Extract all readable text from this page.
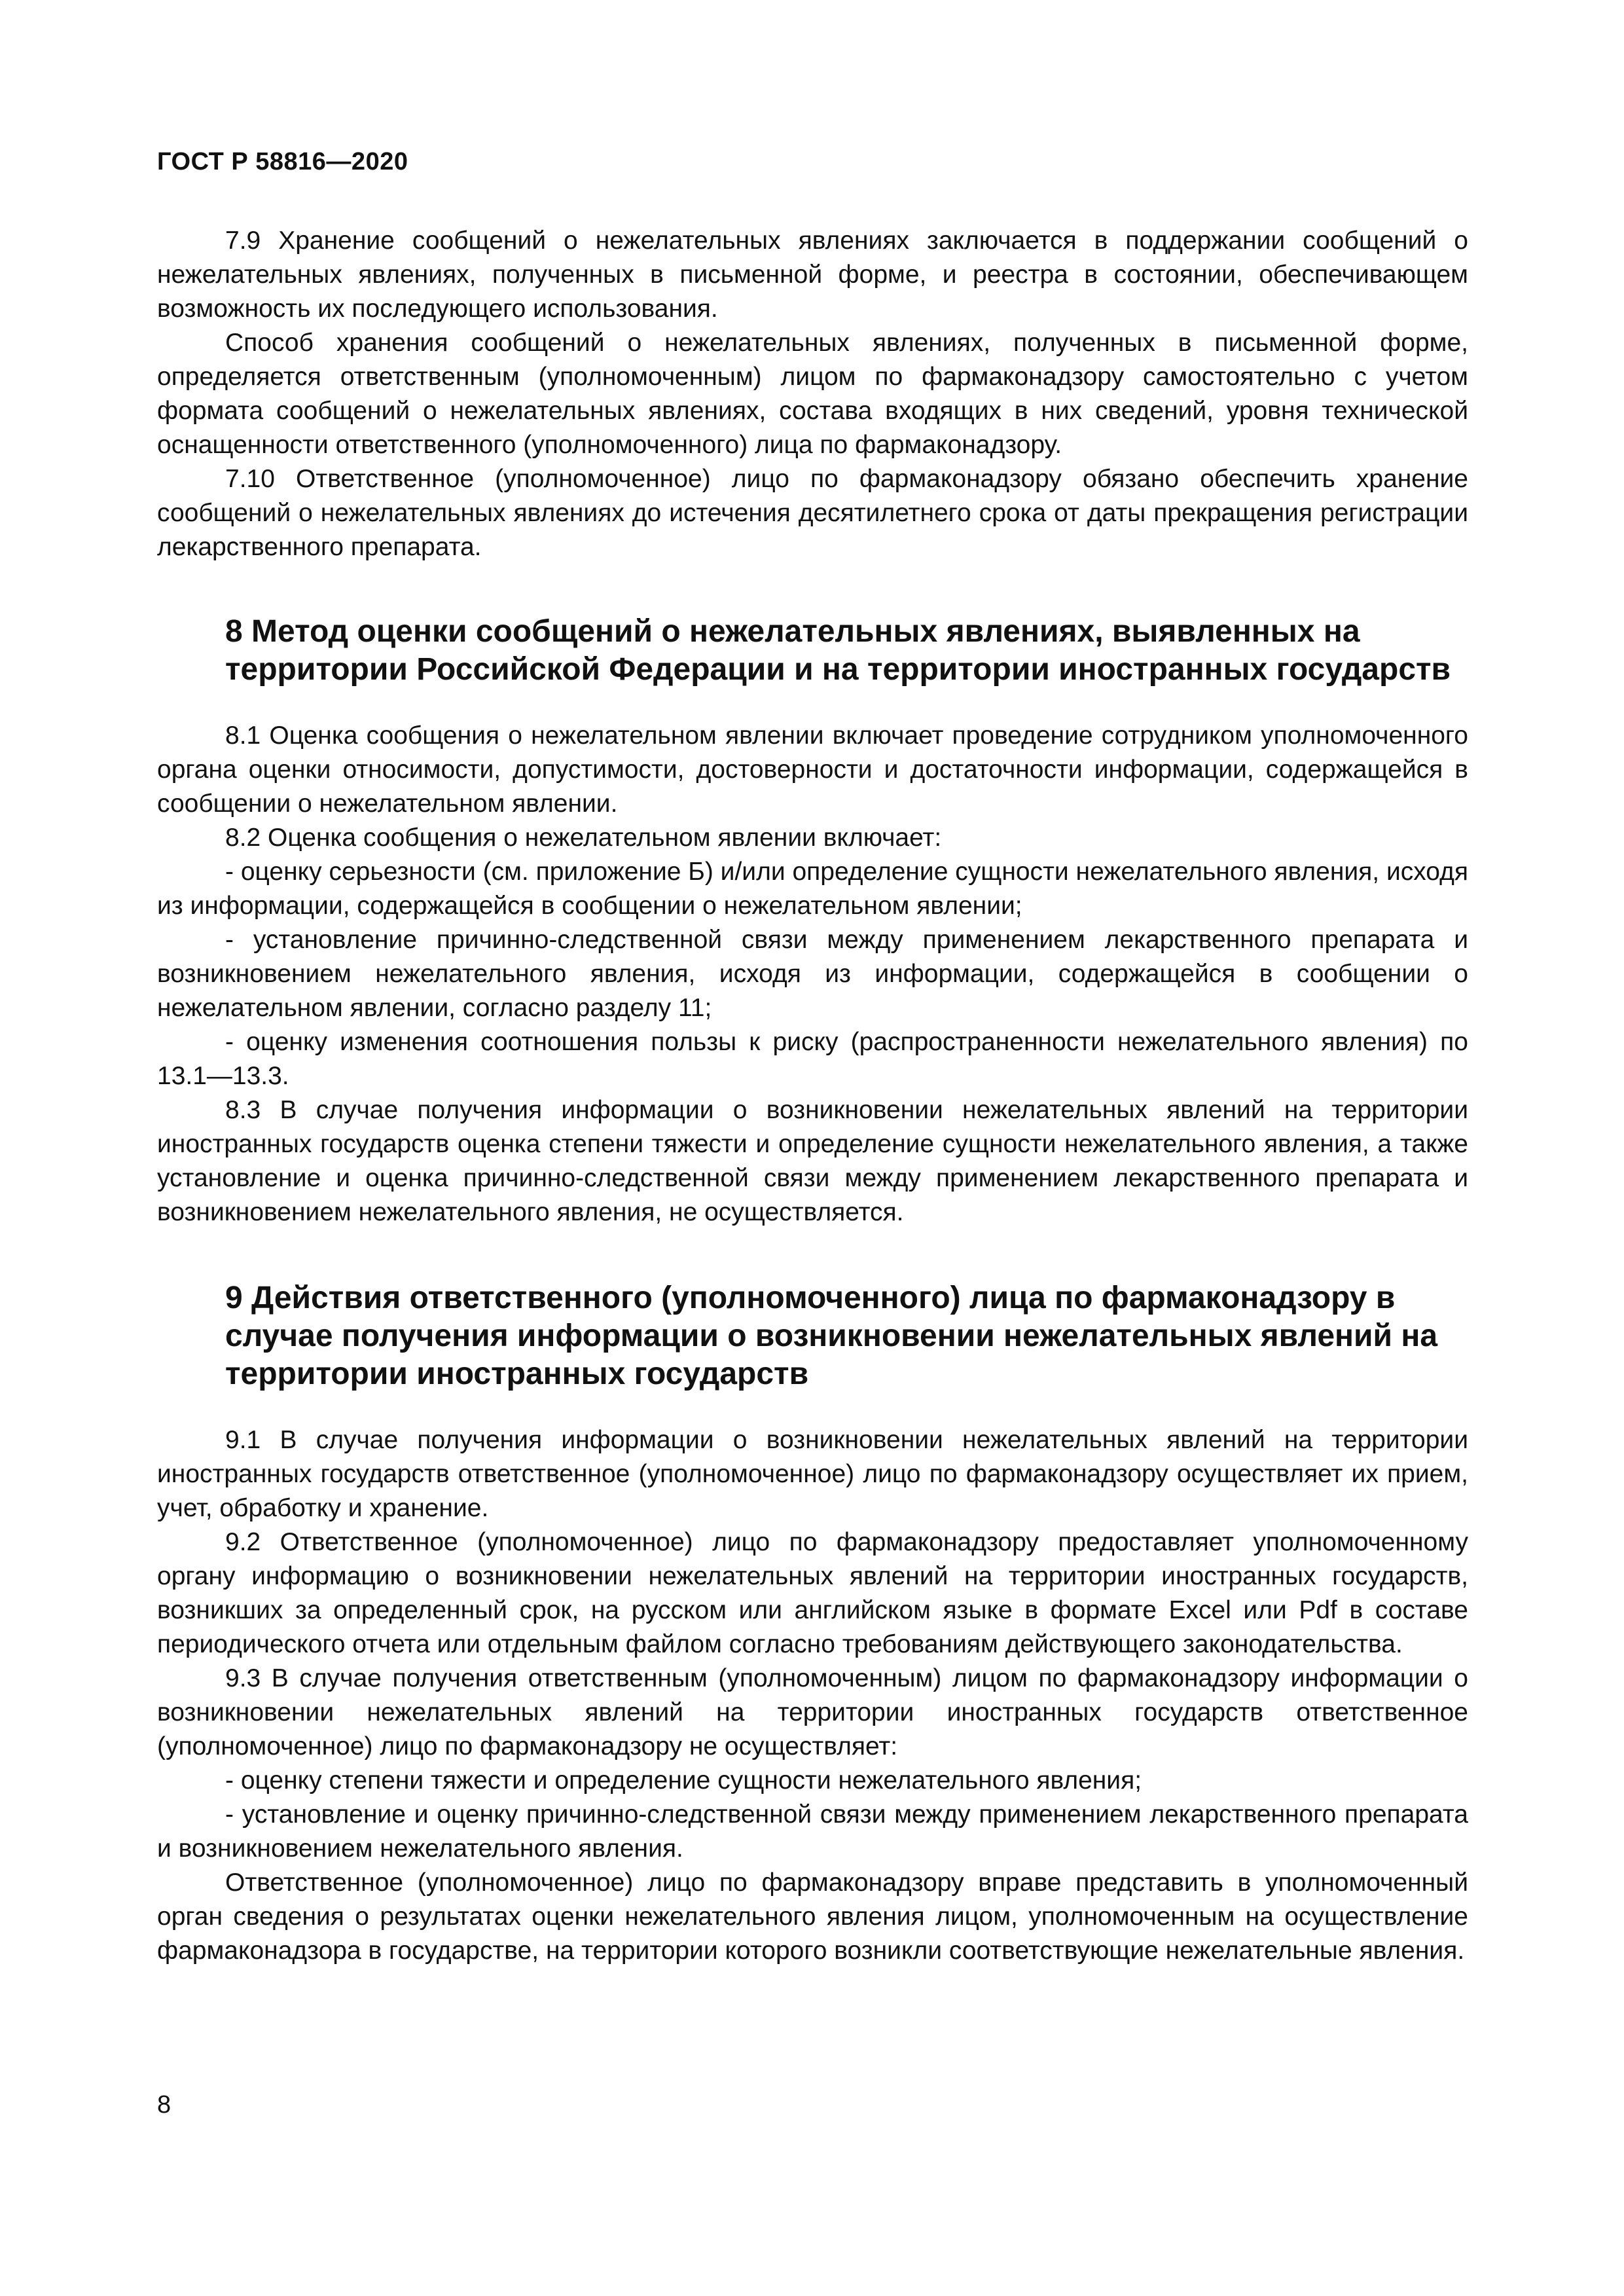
ГОСТ Р 58816—2020

7.9 Хранение сообщений о нежелательных явлениях заключается в поддержании сообщений о нежелательных явлениях, полученных в письменной форме, и реестра в состоянии, обеспечивающем возможность их последующего использования.

Способ хранения сообщений о нежелательных явлениях, полученных в письменной форме, определяется ответственным (уполномоченным) лицом по фармаконадзору самостоятельно с учетом формата сообщений о нежелательных явлениях, состава входящих в них сведений, уровня технической оснащенности ответственного (уполномоченного) лица по фармаконадзору.

7.10 Ответственное (уполномоченное) лицо по фармаконадзору обязано обеспечить хранение сообщений о нежелательных явлениях до истечения десятилетнего срока от даты прекращения регистрации лекарственного препарата.

8 Метод оценки сообщений о нежелательных явлениях, выявленных на территории Российской Федерации и на территории иностранных государств

8.1 Оценка сообщения о нежелательном явлении включает проведение сотрудником уполномоченного органа оценки относимости, допустимости, достоверности и достаточности информации, содержащейся в сообщении о нежелательном явлении.

8.2 Оценка сообщения о нежелательном явлении включает:

- оценку серьезности (см. приложение Б) и/или определение сущности нежелательного явления, исходя из информации, содержащейся в сообщении о нежелательном явлении;

- установление причинно-следственной связи между применением лекарственного препарата и возникновением нежелательного явления, исходя из информации, содержащейся в сообщении о нежелательном явлении, согласно разделу 11;

- оценку изменения соотношения пользы к риску (распространенности нежелательного явления) по 13.1—13.3.

8.3 В случае получения информации о возникновении нежелательных явлений на территории иностранных государств оценка степени тяжести и определение сущности нежелательного явления, а также установление и оценка причинно-следственной связи между применением лекарственного препарата и возникновением нежелательного явления, не осуществляется.

9 Действия ответственного (уполномоченного) лица по фармаконадзору в случае получения информации о возникновении нежелательных явлений на территории иностранных государств

9.1 В случае получения информации о возникновении нежелательных явлений на территории иностранных государств ответственное (уполномоченное) лицо по фармаконадзору осуществляет их прием, учет, обработку и хранение.

9.2 Ответственное (уполномоченное) лицо по фармаконадзору предоставляет уполномоченному органу информацию о возникновении нежелательных явлений на территории иностранных государств, возникших за определенный срок, на русском или английском языке в формате Excel или Pdf в составе периодического отчета или отдельным файлом согласно требованиям действующего законодательства.

9.3 В случае получения ответственным (уполномоченным) лицом по фармаконадзору информации о возникновении нежелательных явлений на территории иностранных государств ответственное (уполномоченное) лицо по фармаконадзору не осуществляет:

- оценку степени тяжести и определение сущности нежелательного явления;

- установление и оценку причинно-следственной связи между применением лекарственного препарата и возникновением нежелательного явления.

Ответственное (уполномоченное) лицо по фармаконадзору вправе представить в уполномоченный орган сведения о результатах оценки нежелательного явления лицом, уполномоченным на осуществление фармаконадзора в государстве, на территории которого возникли соответствующие нежелательные явления.

8
